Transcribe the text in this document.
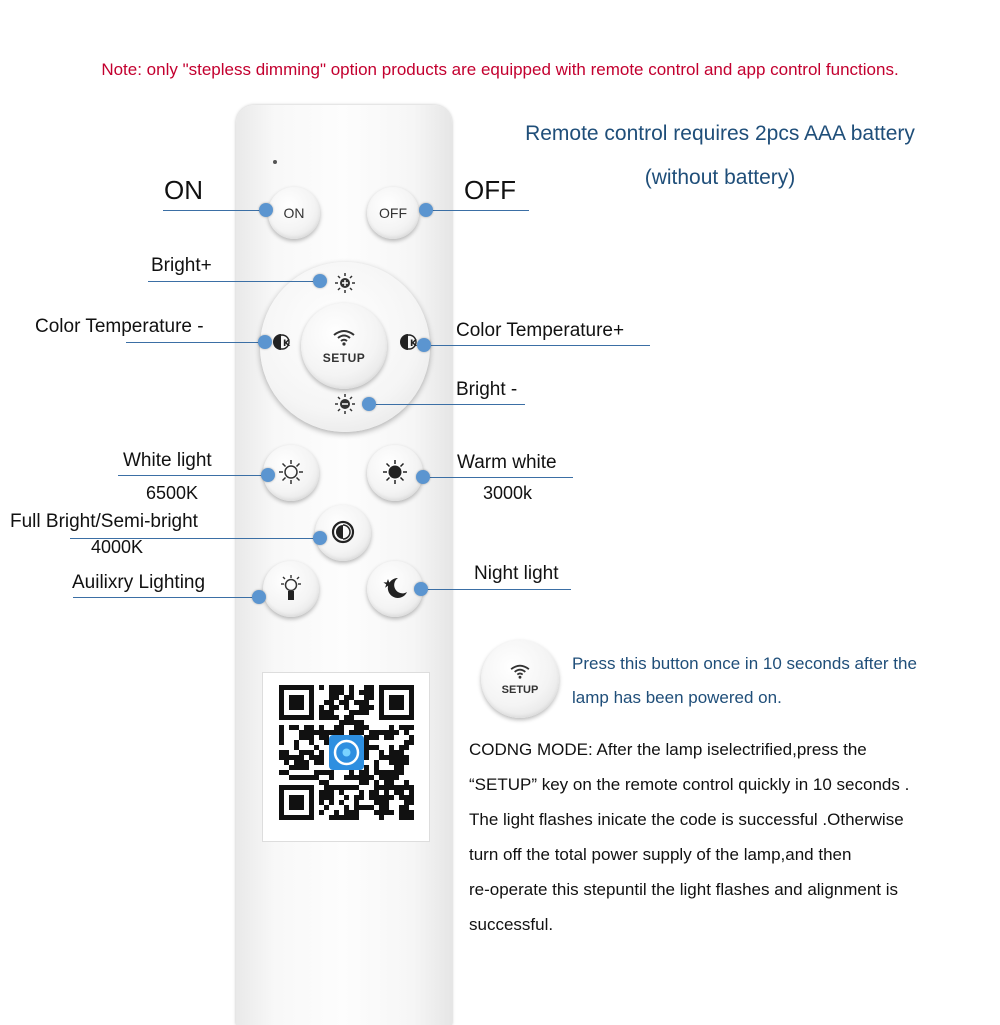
Note: only "stepless dimming" option products are equipped with remote control and app control functions.
Remote control requires 2pcs AAA battery
(without battery)
ON	OFF
K	K
SETUP
ON	OFF
Bright+
Color Temperature -	Color Temperature+
Bright -
White light
6500K
Warm white
3000k
Full Bright/Semi-bright
4000K
Auilixry Lighting	Night light
SETUP
Press this button once in 10 seconds after the
lamp has been powered on.

CODNG MODE: After the lamp iselectrified,press the

“SETUP” key on the remote control quickly in 10 seconds .

The light flashes inicate the code is successful .Otherwise

turn off the total power supply of the lamp,and then

re-operate this stepuntil the light flashes and alignment is

successful.
